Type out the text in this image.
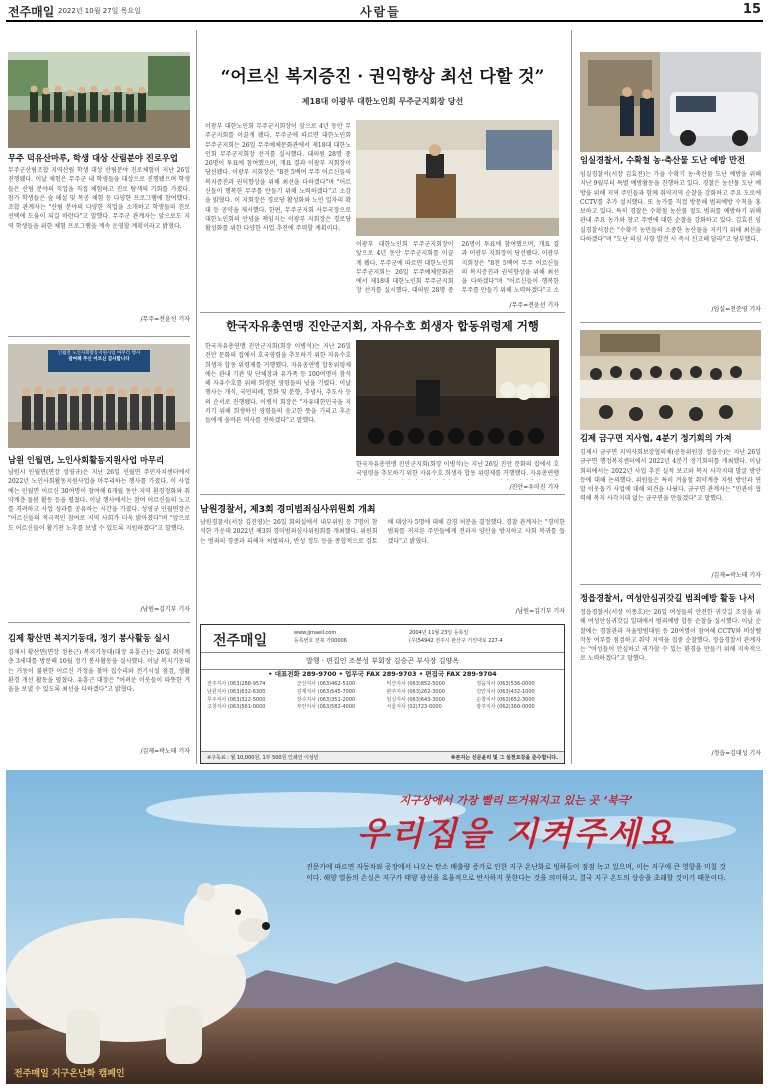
전주매일 2022년 10월 27일 목요일	사람들	15
무주 덕유산마루, 학생 대상 산림분야 진로우업
무주군산림조합 지역산림 학생 대상 산림분야 진로체험이 지난 26일 진행됐다. 이날 체험은 무주군 내 학생들을 대상으로 진행됐으며 학생들은 산림 분야의 직업을 직접 체험하고 진로 탐색의 기회를 가졌다. 참가 학생들은 숲 해설 및 목공 체험 등 다양한 프로그램에 참여했다. 조합 관계자는 "산림 분야의 다양한 직업을 소개하고 학생들의 진로 선택에 도움이 되길 바란다"고 말했다. 무주군 관계자는 앞으로도 지역 학생들을 위한 체험 프로그램을 계속 운영할 계획이라고 밝혔다.
/무주=전윤선 기자
인월면 노인사회활동지원사업 마무리 행사
참여해 주신 어르신 감사합니다
남원 인월면, 노인사회활동지원사업 마무리
남원시 인월면(면장 성영규)은 지난 26일 인월면 주민자치센터에서 2022년 노인사회활동지원사업을 마무리하는 행사를 가졌다. 이 사업에는 인월면 어르신 30여명이 참여해 6개월 동안 지역 환경정화와 취약계층 돌봄 활동 등을 펼쳤다. 이날 행사에서는 참여 어르신들의 노고를 격려하고 사업 성과를 공유하는 시간을 가졌다. 성영규 인월면장은 "어르신들의 적극적인 참여로 지역 사회가 더욱 밝아졌다"며 "앞으로도 어르신들이 활기찬 노후를 보낼 수 있도록 지원하겠다"고 말했다.
/남원=김기부 기자
김제 황산면 복지기동대, 정기 봉사활동 실시
김제시 황산면(면장 정용근) 복지기동대(대장 유흥근)는 26일 취약계층 3세대를 방문해 10월 정기 봉사활동을 실시했다. 이날 복지기동대는 거동이 불편한 어르신 가정을 찾아 집수리와 전기시설 점검, 생활 환경 개선 활동을 펼쳤다. 유흥근 대장은 "어려운 이웃들이 따뜻한 겨울을 보낼 수 있도록 최선을 다하겠다"고 밝혔다.
/김제=곽노태 기자
“어르신 복지증진 · 권익향상 최선 다할 것”
제18대 이광부 대한노인회 무주군지회장 당선
이광부 대한노인회 무주군지회장이 앞으로 4년 동안 무주군지회를 이끌게 됐다. 무주군에 따르면 대한노인회 무주군지회는 26일 무주예체문화관에서 제18대 대한노인회 무주군지회장 선거를 실시했다. 대의원 28명 중 26명이 투표에 참여했으며, 개표 결과 이광부 지회장이 당선됐다. 이광부 지회장은 "8천 5백여 무주 어르신들의 복지증진과 권익향상을 위해 최선을 다하겠다"며 "어르신들이 행복한 무주를 만들기 위해 노력하겠다"고 소감을 밝혔다. 이 지회장은 경로당 활성화와 노인 일자리 확대 등 공약을 제시했다. 한편, 무주군지회 사무국장으로 대한노인회의 안녕을 책임지는 이광부 지회장은 경로당 활성화를 위한 다양한 사업 추진에 주력할 계획이다.
이광부 대한노인회 무주군지회장이 앞으로 4년 동안 무주군지회를 이끌게 됐다. 무주군에 따르면 대한노인회 무주군지회는 26일 무주예체문화관에서 제18대 대한노인회 무주군지회장 선거를 실시했다. 대의원 28명 중 26명이 투표에 참여했으며, 개표 결과 이광부 지회장이 당선됐다. 이광부 지회장은 "8천 5백여 무주 어르신들의 복지증진과 권익향상을 위해 최선을 다하겠다"며 "어르신들이 행복한 무주를 만들기 위해 노력하겠다"고 소
/무주=전윤선 기자
한국자유총연맹 진안군지회, 자유수호 희생자 합동위령제 거행
한국자유총연맹 진안군지회(회장 이병석)는 지난 26일 진안 문화의 집에서 호국영령을 추모하기 위한 자유수호 희생자 합동 위령제를 거행했다. 자유총연맹 합동위령제에는 관내 기관 및 단체장과 유가족 등 100여명이 참석해 자유수호를 위해 희생된 영령들의 넋을 기렸다. 이날 행사는 개식, 국민의례, 헌화 및 분향, 추념사, 추도사 등의 순서로 진행됐다. 이병석 회장은 "자유대한민국을 지키기 위해 희생하신 영령들의 숭고한 뜻을 기리고 후손들에게 올바른 역사를 전하겠다"고 말했다.
한국자유총연맹 진안군지회(회장 이병석)는 지난 26일 진안 문화의 집에서 호국영령을 추모하기 위한 자유수호 희생자 합동 위령제를 거행했다. 자유총연맹
/진안=우미진 기자
남원경찰서, 제3회 경미범죄심사위원회 개최
남원경찰서(서장 김진영)는 26일 회의실에서 내부위원 등 7명이 참석한 가운데 2022년 제3회 경미범죄심사위원회를 개최했다. 위원회는 범죄의 경중과 피해자 처벌의사, 반성 정도 등을 종합적으로 검토해 대상자 5명에 대해 감경 처분을 결정했다. 경찰 관계자는 "경미한 범죄를 저지른 주민들에게 전과자 양산을 방지하고 사회 복귀를 돕겠다"고 밝혔다.
/남원=김기부 기자
전주매일	www.jjmaeil.com
등록번호 전북 가00006
2004년 11월 23일 등록일
(우)54942 전주시 완산구 기린대로 227-4
발행 · 편집인 조봉성 부회장 김승곤 부사장 김양옥
• 대표전화 289-9700 • 업무국 FAX 289-9703 • 편집국 FAX 289-9704
전주지사 (063)288-9574	군산지사 (063)462-5100	익산지사 (063)852-5000	정읍지사 (063)536-0000
남원지사 (063)632-6300	김제지사 (063)545-7000	완주지사 (063)262-3000	진안지사 (063)432-1000
무주지사 (063)322-5000	장수지사 (063)351-2000	임실지사 (063)643-3000	순창지사 (063)652-3000
고창지사 (063)561-0000	부안지사 (063)582-4000	서울지사 (02)723-0000	광주지사 (062)360-0000
※구독료 : 월 10,000원, 1부 500원 인쇄인 이상민	※본지는 신문윤리 및 그 실천요강을 준수합니다.
임실경찰서, 수확철 농·축산물 도난 예방 만전
임실경찰서(서장 김효진)는 가을 수확기 농·축산물 도난 예방을 위해 지난 9월부터 특별 예방활동을 진행하고 있다. 경찰은 농산물 도난 예방을 위해 지역 주민들과 함께 취약지역 순찰을 강화하고 주요 도로에 CCTV를 추가 설치했다. 또 농가를 직접 방문해 범죄예방 수칙을 홍보하고 있다. 특히 경찰은 수확철 농산물 절도 범죄를 예방하기 위해 관내 주요 농가와 창고 주변에 대한 순찰을 강화하고 있다. 김효진 임실경찰서장은 "수확기 농민들의 소중한 농산물을 지키기 위해 최선을 다하겠다"며 "도난 의심 사항 발견 시 즉시 신고해 달라"고 당부했다.
/임실=천준영 기자
김제 금구면 지사협, 4분기 정기회의 가져
김제시 금구면 지역사회보장협의체(공동위원장 정읍수)는 지난 26일 금구면 행정복지센터에서 2022년 4분기 정기회의를 개최했다. 이날 회의에서는 2022년 사업 추진 실적 보고와 복지 사각지대 발굴 방안 등에 대해 논의했다. 위원들은 특히 겨울철 취약계층 지원 방안과 연말 이웃돕기 사업에 대해 의견을 나눴다. 금구면 관계자는 "민관이 협력해 복지 사각지대 없는 금구면을 만들겠다"고 말했다.
/김제=곽노태 기자
정읍경찰서, 여성안심귀갓길 범죄예방 활동 나서
정읍경찰서(서장 이종호)는 26일 여성들의 안전한 귀갓길 조성을 위해 여성안심귀갓길 일대에서 범죄예방 합동 순찰을 실시했다. 이날 순찰에는 경찰관과 자율방범대원 등 20여명이 참여해 CCTV와 비상벨 작동 여부를 점검하고 취약 지역을 집중 순찰했다. 정읍경찰서 관계자는 "여성들이 안심하고 귀가할 수 있는 환경을 만들기 위해 지속적으로 노력하겠다"고 말했다.
/정읍=김대성 기자
지구상에서 가장 빨리 뜨거워지고 있는 곳 ‘북극’
우리집을 지켜주세요
전문가에 따르면 자동차와 공장에서 나오는 탄소 배출량 증가로 인한 지구 온난화로 빙하들이 점점 녹고 있으며, 이는 지구에 큰 영향을 미칠 것이다. 해양 열돔의 손실은 지구가 태양 광선을 효율적으로 반사하지 못한다는 것을 의미하고, 결국 지구 온도의 상승을 초래할 것이기 때문이다.
전주매일 지구온난화 캠페인
